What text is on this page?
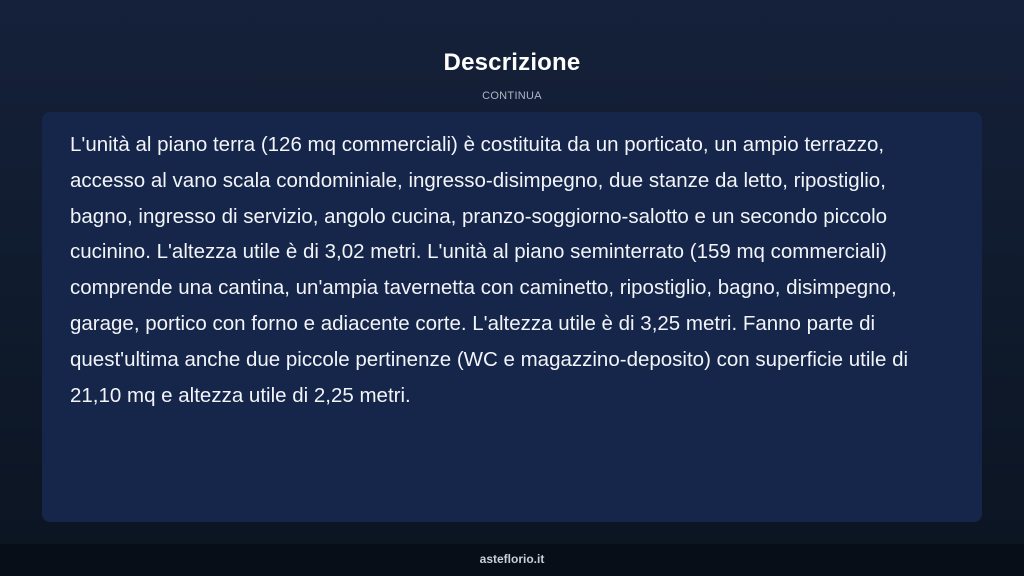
Descrizione
CONTINUA

L'unità al piano terra (126 mq commerciali) è costituita da un porticato, un ampio terrazzo, accesso al vano scala condominiale, ingresso-disimpegno, due stanze da letto, ripostiglio, bagno, ingresso di servizio, angolo cucina, pranzo-soggiorno-salotto e un secondo piccolo cucinino. L'altezza utile è di 3,02 metri. L'unità al piano seminterrato (159 mq commerciali) comprende una cantina, un'ampia tavernetta con caminetto, ripostiglio, bagno, disimpegno, garage, portico con forno e adiacente corte. L'altezza utile è di 3,25 metri. Fanno parte di quest'ultima anche due piccole pertinenze (WC e magazzino-deposito) con superficie utile di 21,10 mq e altezza utile di 2,25 metri.

asteflorio.it
